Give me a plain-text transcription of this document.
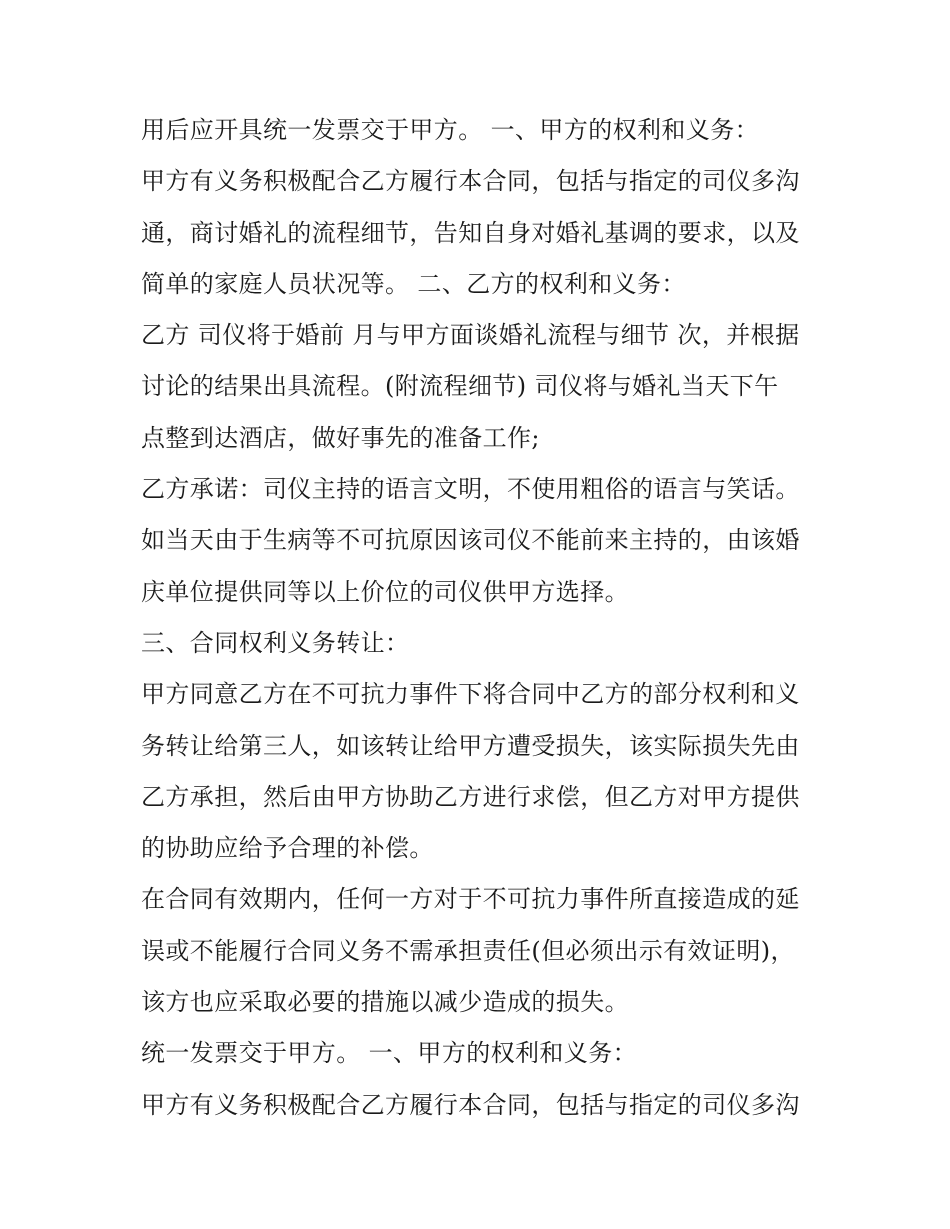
用后应开具统一发票交于甲方。 一、甲方的权利和义务：
甲方有义务积极配合乙方履行本合同，包括与指定的司仪多沟
通，商讨婚礼的流程细节，告知自身对婚礼基调的要求，以及
简单的家庭人员状况等。 二、乙方的权利和义务：
乙方 司仪将于婚前 月与甲方面谈婚礼流程与细节 次，并根据
讨论的结果出具流程。(附流程细节) 司仪将与婚礼当天下午
点整到达酒店，做好事先的准备工作;
乙方承诺：司仪主持的语言文明，不使用粗俗的语言与笑话。
如当天由于生病等不可抗原因该司仪不能前来主持的，由该婚
庆单位提供同等以上价位的司仪供甲方选择。
三、合同权利义务转让：
甲方同意乙方在不可抗力事件下将合同中乙方的部分权利和义
务转让给第三人，如该转让给甲方遭受损失，该实际损失先由
乙方承担，然后由甲方协助乙方进行求偿，但乙方对甲方提供
的协助应给予合理的补偿。
在合同有效期内，任何一方对于不可抗力事件所直接造成的延
误或不能履行合同义务不需承担责任(但必须出示有效证明)，
该方也应采取必要的措施以减少造成的损失。
统一发票交于甲方。 一、甲方的权利和义务：
甲方有义务积极配合乙方履行本合同，包括与指定的司仪多沟
